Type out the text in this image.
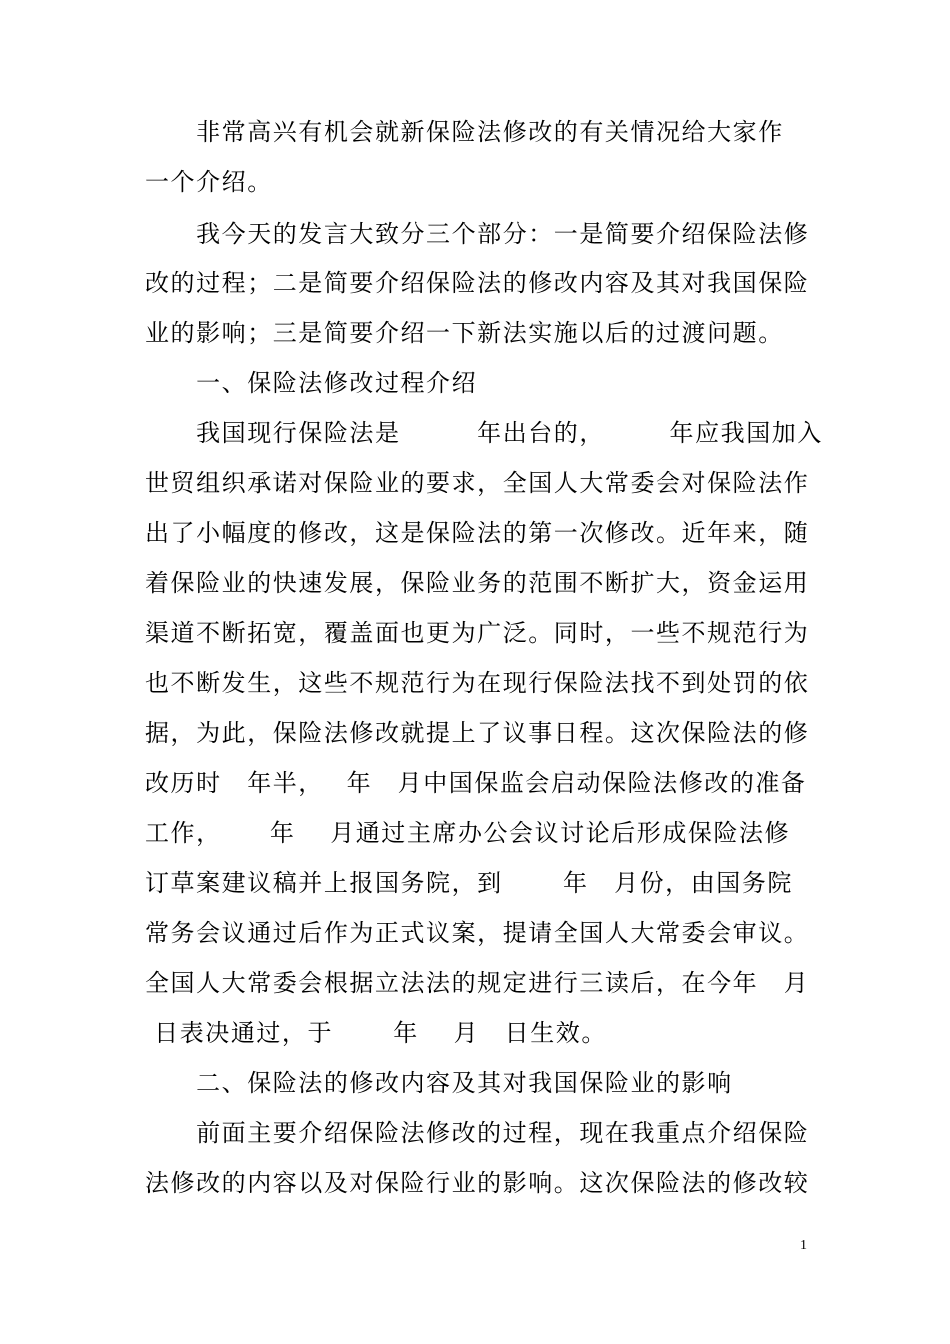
　　非常高兴有机会就新保险法修改的有关情况给大家作
一个介绍。
　　我今天的发言大致分三个部分：一是简要介绍保险法修
改的过程；二是简要介绍保险法的修改内容及其对我国保险
业的影响；三是简要介绍一下新法实施以后的过渡问题。
　　一、保险法修改过程介绍
　　我国现行保险法是　　　年出台的，　　　年应我国加入
世贸组织承诺对保险业的要求，全国人大常委会对保险法作
出了小幅度的修改，这是保险法的第一次修改。近年来，随
着保险业的快速发展，保险业务的范围不断扩大，资金运用
渠道不断拓宽，覆盖面也更为广泛。同时，一些不规范行为
也不断发生，这些不规范行为在现行保险法找不到处罚的依
据，为此，保险法修改就提上了议事日程。这次保险法的修
改历时　年半，　 年　月中国保监会启动保险法修改的准备
工作，　　 年　 月通过主席办公会议讨论后形成保险法修
订草案建议稿并上报国务院，到　　 年　月份，由国务院
常务会议通过后作为正式议案，提请全国人大常委会审议。
全国人大常委会根据立法法的规定进行三读后，在今年　月
日表决通过，于　　 年　 月　日生效。
　　二、保险法的修改内容及其对我国保险业的影响
　　前面主要介绍保险法修改的过程，现在我重点介绍保险
法修改的内容以及对保险行业的影响。这次保险法的修改较
1
